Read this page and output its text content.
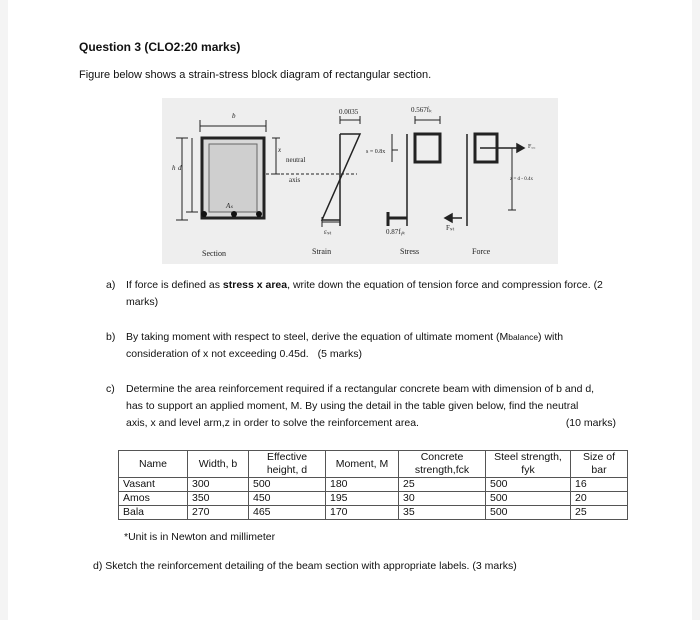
Question 3 (CLO2:20 marks)
Figure below shows a strain-stress block diagram of rectangular section.
b
x
h d
Aₛ
neutral
axis
0.0035	0.567fₖ
s = 0.8x
F꜀꜀
z = d - 0.4x
εₛₜ	0.87fᵧₖ	Fₛₜ
Section	Strain	Stress	Force
a) If force is defined as stress x area, write down the equation of tension force and compression force. (2 marks)
b) By taking moment with respect to steel, derive the equation of ultimate moment (Mbalance) with consideration of x not exceeding 0.45d. (5 marks)
c) Determine the area reinforcement required if a rectangular concrete beam with dimension of b and d, has to support an applied moment, M. By using the detail in the table given below, find the neutral axis, x and level arm,z in order to solve the reinforcement area.	(10 marks)
Name	Width, b	Effective height, d	Moment, M	Concrete strength,fck	Steel strength, fyk	Size of bar
Vasant	300	500	180	25	500	16
Amos	350	450	195	30	500	20
Bala	270	465	170	35	500	25
*Unit is in Newton and millimeter
d) Sketch the reinforcement detailing of the beam section with appropriate labels. (3 marks)
